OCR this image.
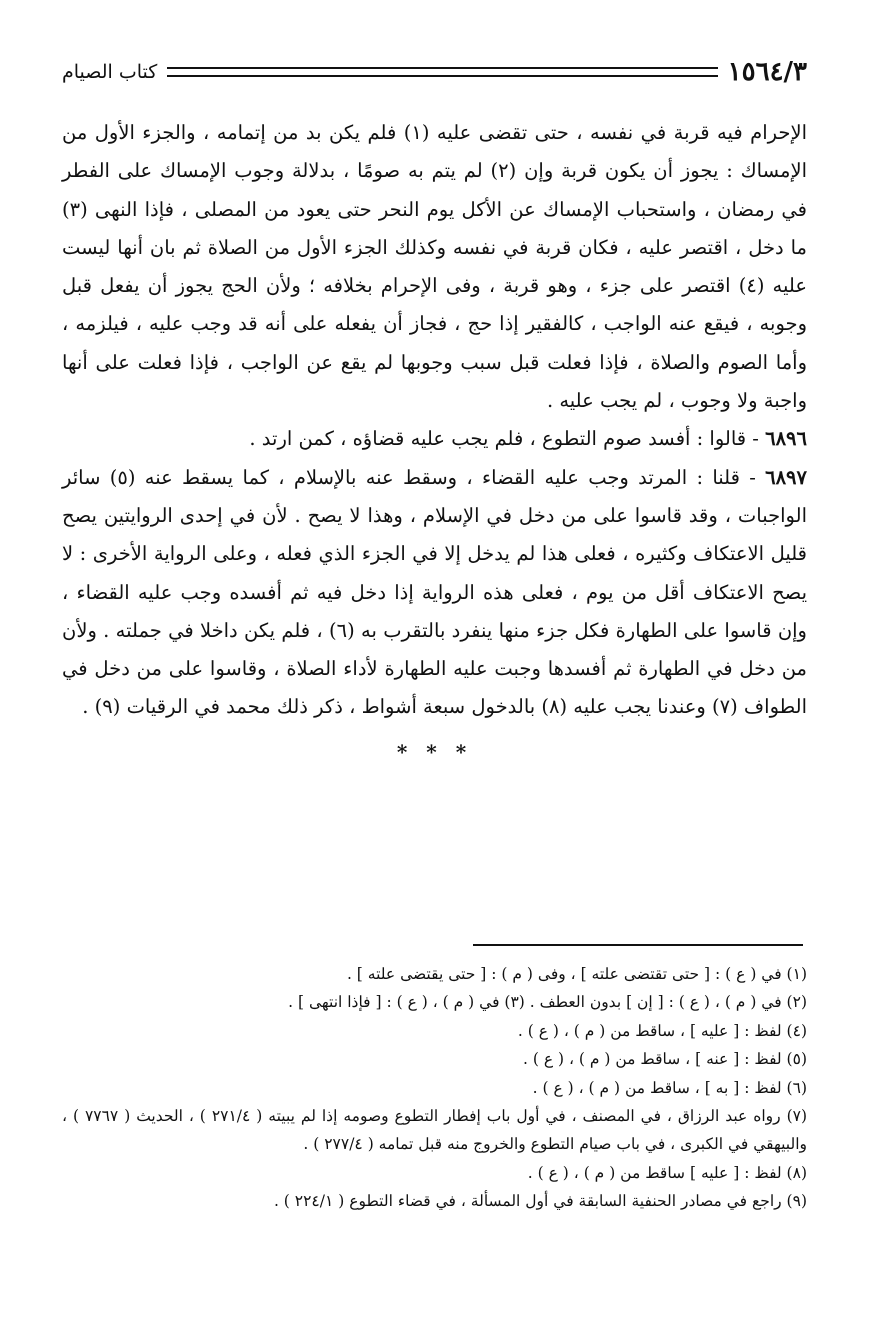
١٥٦٤/٣
كتاب الصيام

الإحرام فيه قربة في نفسه ، حتى تقضى عليه (١) فلم يكن بد من إتمامه ، والجزء الأول من الإمساك : يجوز أن يكون قربة وإن (٢) لم يتم به صومًا ، بدلالة وجوب الإمساك على الفطر في رمضان ، واستحباب الإمساك عن الأكل يوم النحر حتى يعود من المصلى ، فإذا النهى (٣) ما دخل ، اقتصر عليه ، فكان قربة في نفسه وكذلك الجزء الأول من الصلاة ثم بان أنها ليست عليه (٤) اقتصر على جزء ، وهو قربة ، وفى الإحرام بخلافه ؛ ولأن الحج يجوز أن يفعل قبل وجوبه ، فيقع عنه الواجب ، كالفقير إذا حج ، فجاز أن يفعله على أنه قد وجب عليه ، فيلزمه ، وأما الصوم والصلاة ، فإذا فعلت قبل سبب وجوبها لم يقع عن الواجب ، فإذا فعلت على أنها واجبة ولا وجوب ، لم يجب عليه .

٦٨٩٦ - قالوا : أفسد صوم التطوع ، فلم يجب عليه قضاؤه ، كمن ارتد .

٦٨٩٧ - قلنا : المرتد وجب عليه القضاء ، وسقط عنه بالإسلام ، كما يسقط عنه (٥) سائر الواجبات ، وقد قاسوا على من دخل في الإسلام ، وهذا لا يصح . لأن في إحدى الروايتين يصح قليل الاعتكاف وكثيره ، فعلى هذا لم يدخل إلا في الجزء الذي فعله ، وعلى الرواية الأخرى : لا يصح الاعتكاف أقل من يوم ، فعلى هذه الرواية إذا دخل فيه ثم أفسده وجب عليه القضاء ، وإن قاسوا على الطهارة فكل جزء منها ينفرد بالتقرب به (٦) ، فلم يكن داخلا في جملته . ولأن من دخل في الطهارة ثم أفسدها وجبت عليه الطهارة لأداء الصلاة ، وقاسوا على من دخل في الطواف (٧) وعندنا يجب عليه (٨) بالدخول سبعة أشواط ، ذكر ذلك محمد في الرقيات (٩) .

* * *

(١) في ( ع ) : [ حتى تقتضى علته ] ، وفى ( م ) : [ حتى يقتضى علته ] .

(٢) في ( م ) ، ( ع ) : [ إن ] بدون العطف . (٣) في ( م ) ، ( ع ) : [ فإذا انتهى ] .

(٤) لفظ : [ عليه ] ، ساقط من ( م ) ، ( ع ) .

(٥) لفظ : [ عنه ] ، ساقط من ( م ) ، ( ع ) .

(٦) لفظ : [ به ] ، ساقط من ( م ) ، ( ع ) .

(٧) رواه عبد الرزاق ، في المصنف ، في أول باب إفطار التطوع وصومه إذا لم يبيته ( ٢٧١/٤ ) ، الحديث ( ٧٧٦٧ ) ، والبيهقي في الكبرى ، في باب صيام التطوع والخروج منه قبل تمامه ( ٢٧٧/٤ ) .

(٨) لفظ : [ عليه ] ساقط من ( م ) ، ( ع ) .

(٩) راجع في مصادر الحنفية السابقة في أول المسألة ، في قضاء التطوع ( ٢٢٤/١ ) .
